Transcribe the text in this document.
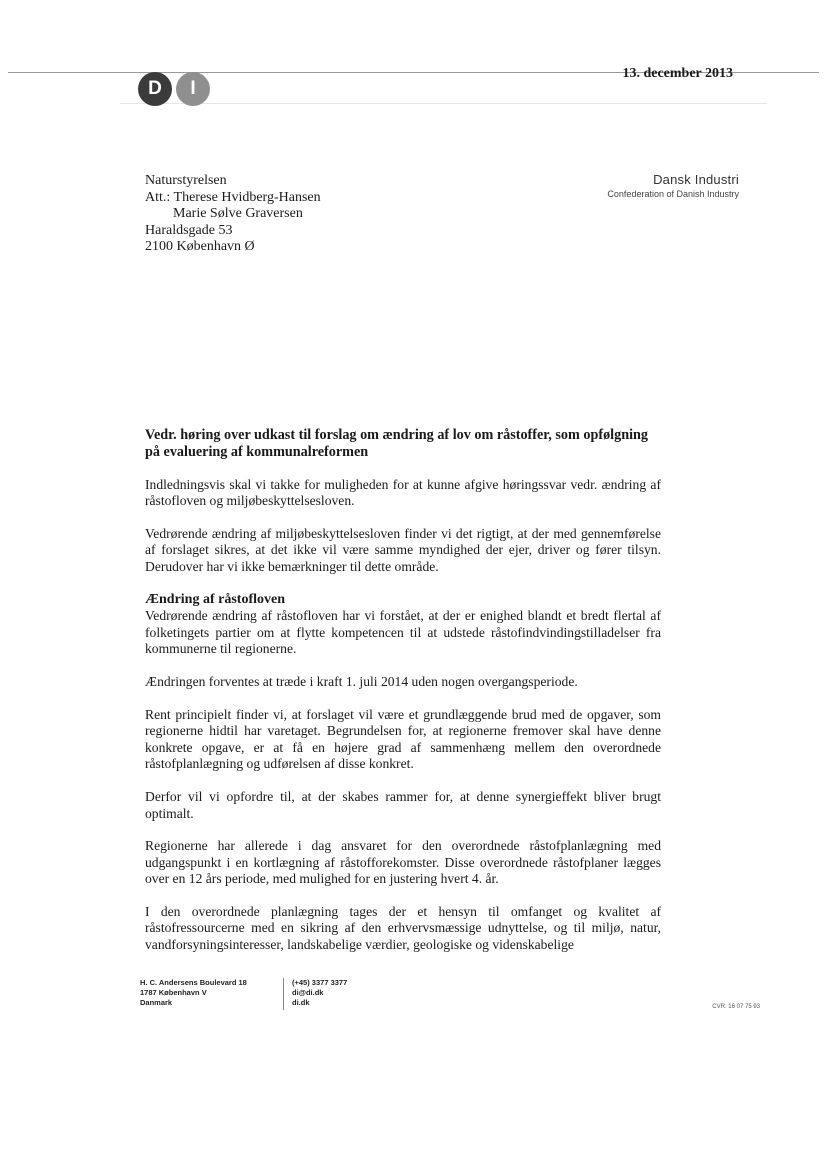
D	I
13. december 2013
Naturstyrelsen
Att.: Therese Hvidberg-Hansen
Marie Sølve Graversen
Haraldsgade 53
2100 København Ø
Dansk Industri
Confederation of Danish Industry
Vedr. høring over udkast til forslag om ændring af lov om råstoffer, som opfølgning på evaluering af kommunalreformen

Indledningsvis skal vi takke for muligheden for at kunne afgive høringssvar vedr. ændring af råstofloven og miljøbeskyttelsesloven.

Vedrørende ændring af miljøbeskyttelsesloven finder vi det rigtigt, at der med gennemførelse af forslaget sikres, at det ikke vil være samme myndighed der ejer, driver og fører tilsyn. Derudover har vi ikke bemærkninger til dette område.

Ændring af råstofloven

Vedrørende ændring af råstofloven har vi forstået, at der er enighed blandt et bredt flertal af folketingets partier om at flytte kompetencen til at udstede råstofindvindingstilladelser fra kommunerne til regionerne.

Ændringen forventes at træde i kraft 1. juli 2014 uden nogen overgangsperiode.

Rent principielt finder vi, at forslaget vil være et grundlæggende brud med de opgaver, som regionerne hidtil har varetaget. Begrundelsen for, at regionerne fremover skal have denne konkrete opgave, er at få en højere grad af sammenhæng mellem den overordnede råstofplanlægning og udførelsen af disse konkret.

Derfor vil vi opfordre til, at der skabes rammer for, at denne synergieffekt bliver brugt optimalt.

Regionerne har allerede i dag ansvaret for den overordnede råstofplanlægning med udgangspunkt i en kortlægning af råstofforekomster. Disse overordnede råstofplaner lægges over en 12 års periode, med mulighed for en justering hvert 4. år.

I den overordnede planlægning tages der et hensyn til omfanget og kvalitet af råstofressourcerne med en sikring af den erhvervsmæssige udnyttelse, og til miljø, natur, vandforsyningsinteresser, landskabelige værdier, geologiske og videnskabelige

H. C. Andersens Boulevard 18
1787 København V
Danmark
(+45) 3377 3377
di@di.dk
di.dk	CVR: 16 07 75 93
